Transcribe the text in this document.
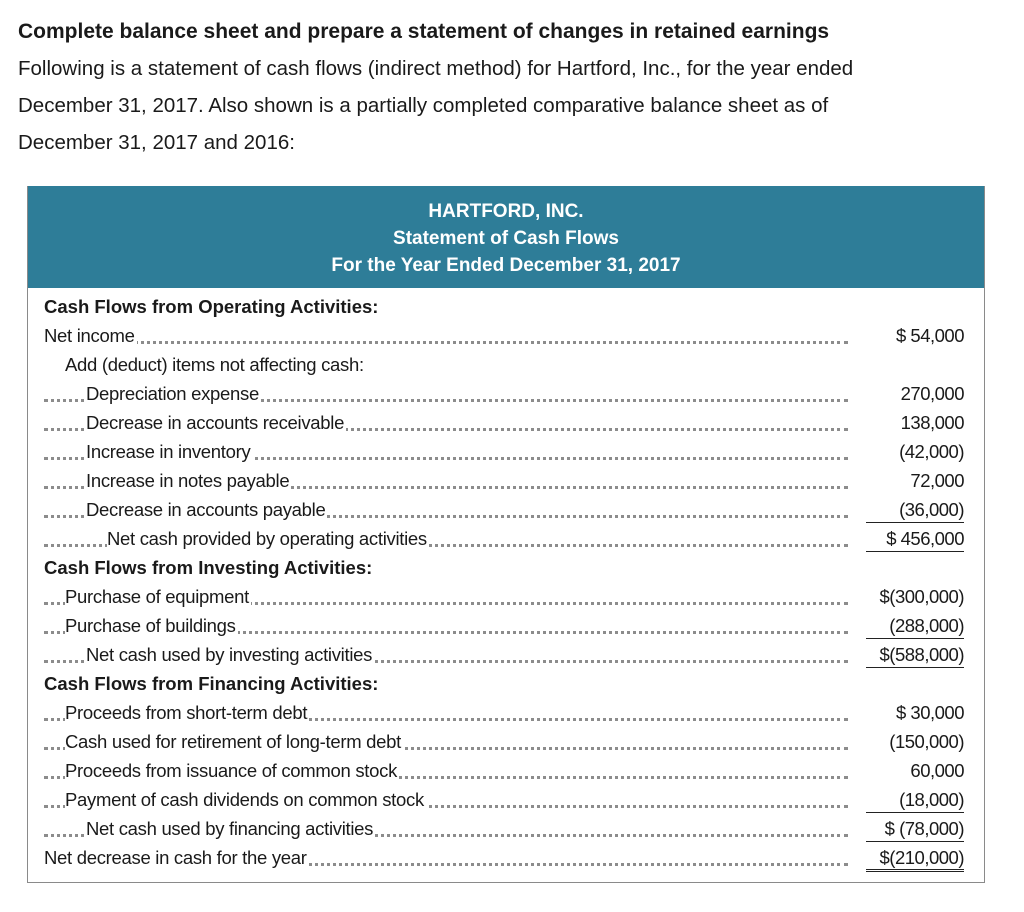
Complete balance sheet and prepare a statement of changes in retained earnings

Following is a statement of cash flows (indirect method) for Hartford, Inc., for the year ended

December 31, 2017. Also shown is a partially completed comparative balance sheet as of

December 31, 2017 and 2016:

HARTFORD, INC.
Statement of Cash Flows
For the Year Ended December 31, 2017
Cash Flows from Operating Activities:
Net income	$ 54,000
Add (deduct) items not affecting cash:
Depreciation expense	270,000
Decrease in accounts receivable	138,000
Increase in inventory	(42,000)
Increase in notes payable	72,000
Decrease in accounts payable	(36,000)
Net cash provided by operating activities	$ 456,000
Cash Flows from Investing Activities:
Purchase of equipment	$(300,000)
Purchase of buildings	(288,000)
Net cash used by investing activities	$(588,000)
Cash Flows from Financing Activities:
Proceeds from short-term debt	$ 30,000
Cash used for retirement of long-term debt	(150,000)
Proceeds from issuance of common stock	60,000
Payment of cash dividends on common stock	(18,000)
Net cash used by financing activities	$ (78,000)
Net decrease in cash for the year	$(210,000)
